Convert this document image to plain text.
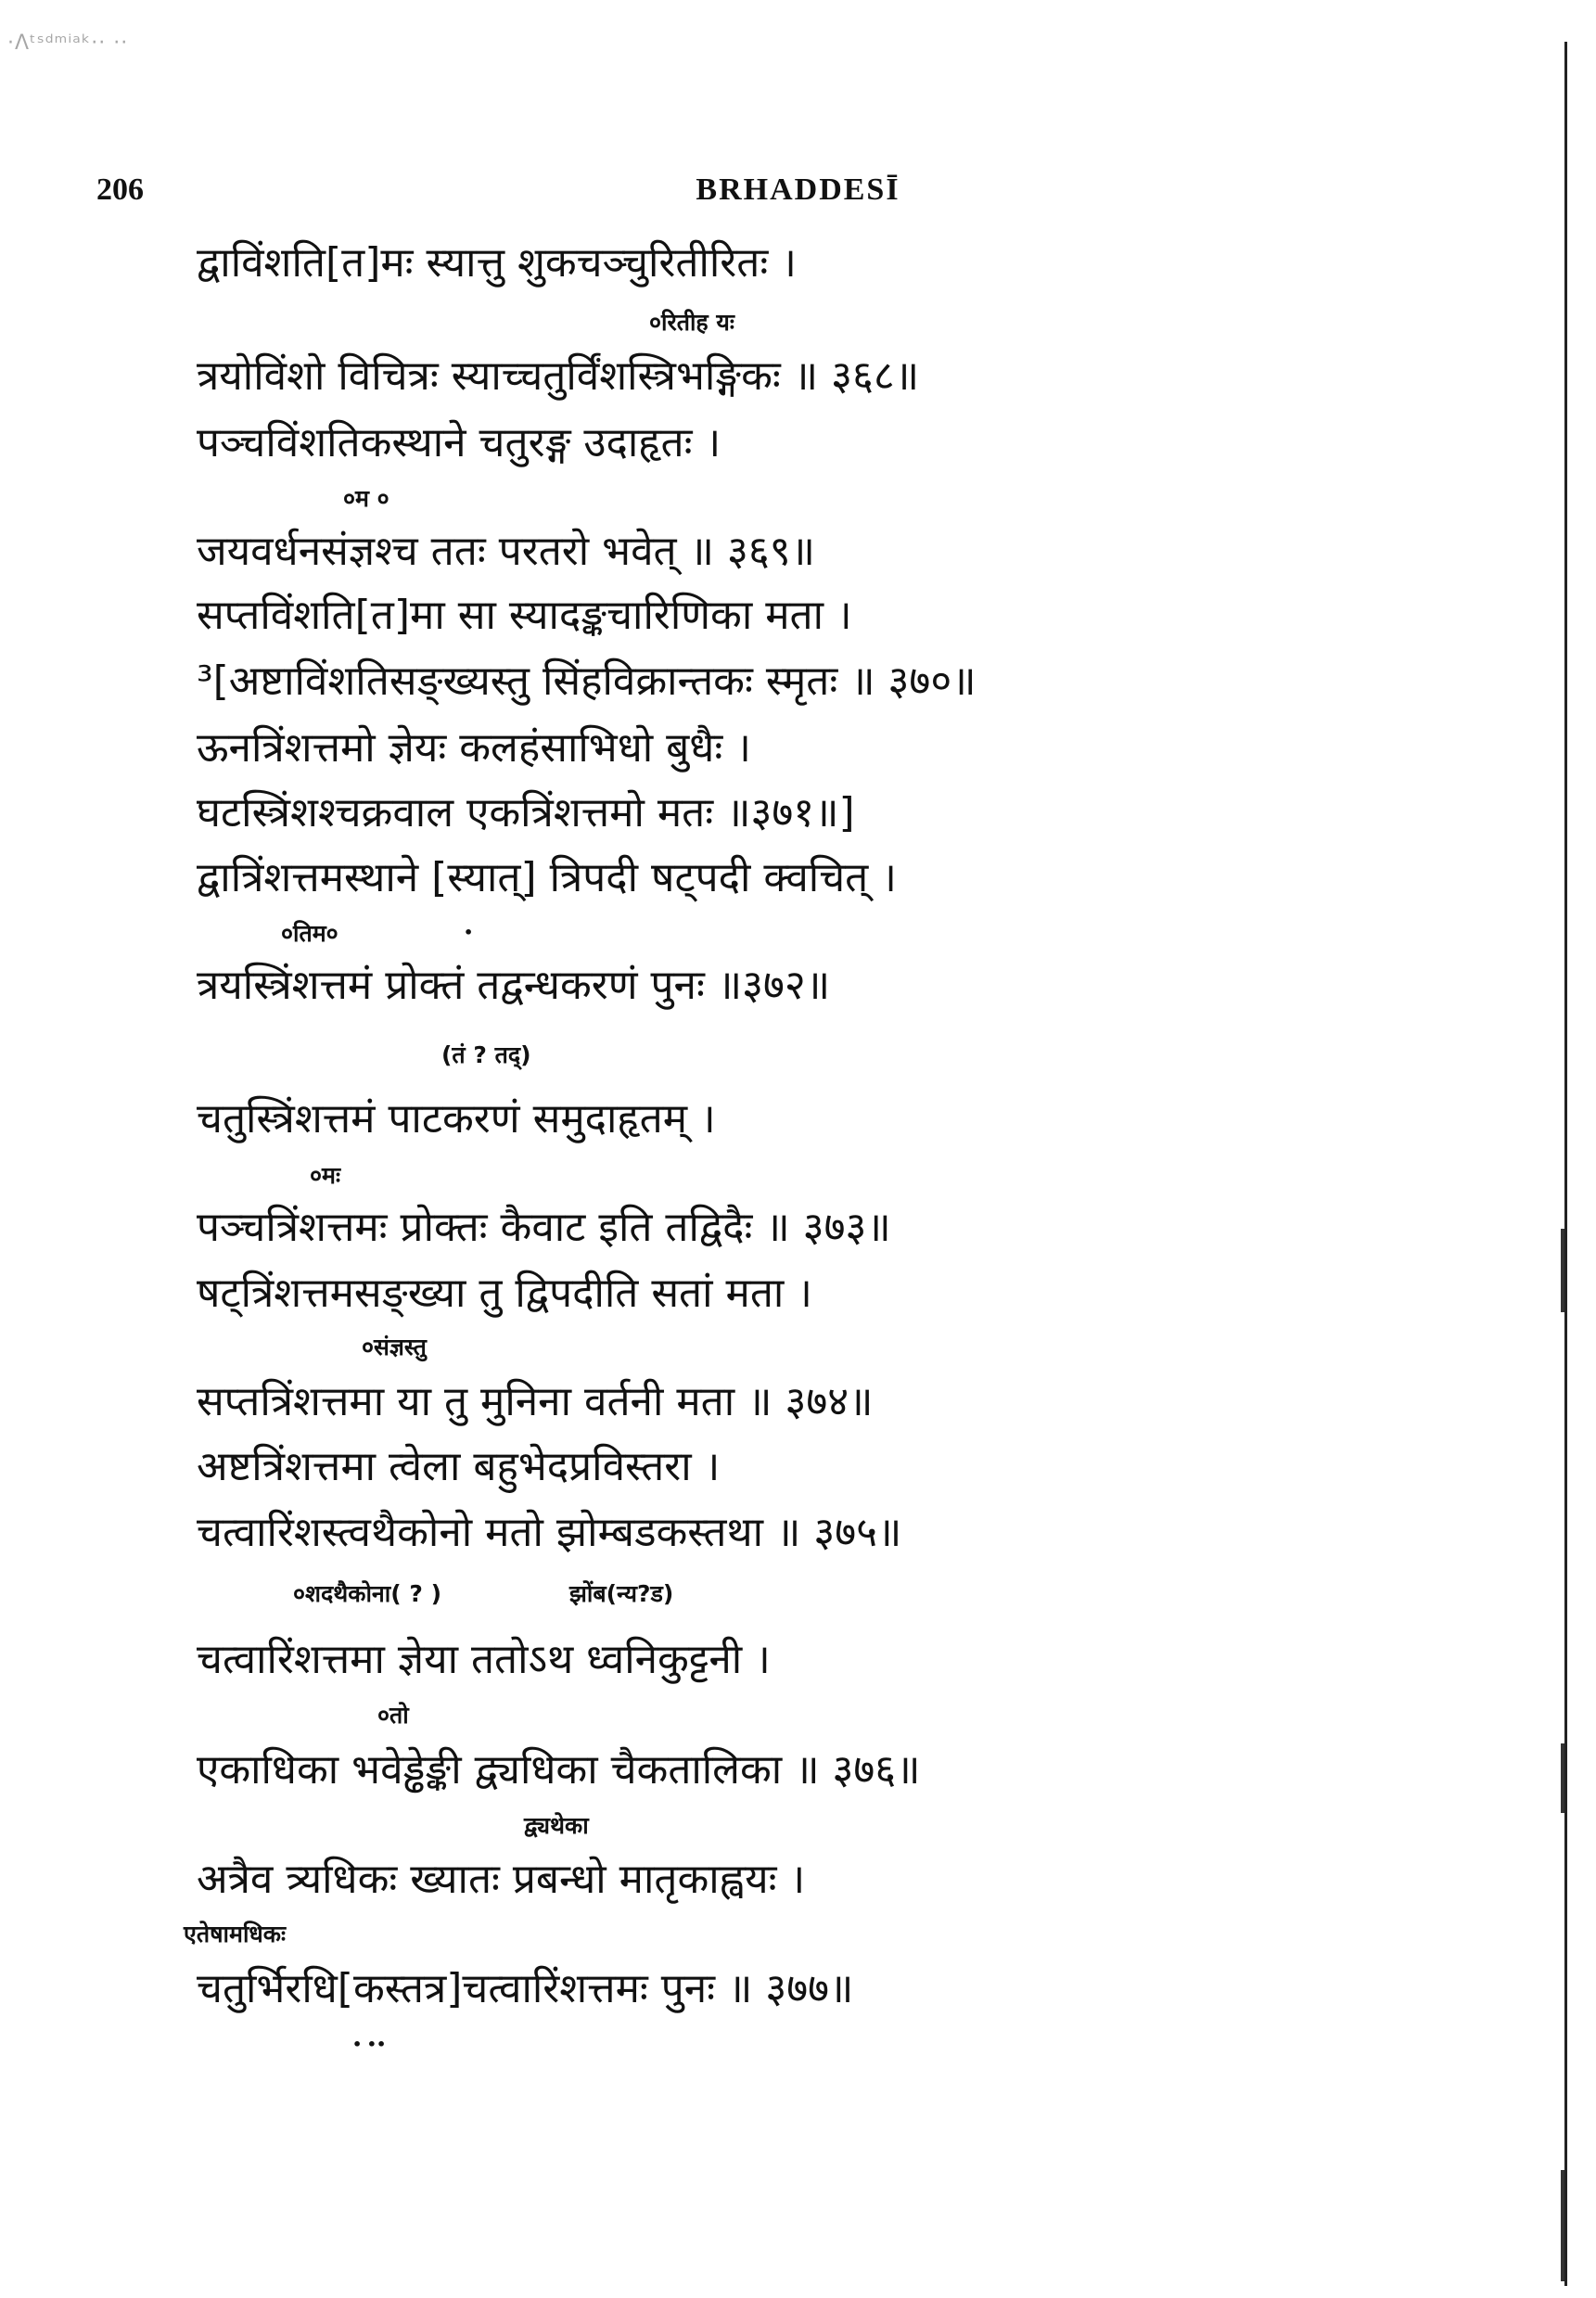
·Ʌᵗˢᵈᵐⁱᵃᵏ·· ··
206	BRHADDESĪ
द्वाविंशति[त]मः स्यात्तु शुकचञ्चुरितीरितः ।
०रितीह यः
त्रयोविंशो विचित्रः स्याच्चतुर्विंशस्त्रिभङ्गिकः ॥ ३६८॥
पञ्चविंशतिकस्थाने चतुरङ्ग उदाहृतः ।
०म ०
जयवर्धनसंज्ञश्च ततः परतरो भवेत् ॥ ३६९॥
सप्तविंशति[त]मा सा स्यादङ्कचारिणिका मता ।
³[अष्टाविंशतिसङ्ख्यस्तु सिंहविक्रान्तकः स्मृतः ॥ ३७०॥
ऊनत्रिंशत्तमो ज्ञेयः कलहंसाभिधो बुधैः ।
घटस्त्रिंशश्चक्रवाल एकत्रिंशत्तमो मतः ॥३७१॥]
द्वात्रिंशत्तमस्थाने [स्यात्] त्रिपदी षट्पदी क्वचित् ।
०तिम०	•
त्रयस्त्रिंशत्तमं प्रोक्तं तद्वन्धकरणं पुनः ॥३७२॥
(तं ? तद्)
चतुस्त्रिंशत्तमं पाटकरणं समुदाहृतम् ।
०मः
पञ्चत्रिंशत्तमः प्रोक्तः कैवाट इति तद्विदैः ॥ ३७३॥
षट्त्रिंशत्तमसङ्ख्या तु द्विपदीति सतां मता ।
०संज्ञस्तु
सप्तत्रिंशत्तमा या तु मुनिना वर्तनी मता ॥ ३७४॥
अष्टत्रिंशत्तमा त्वेला बहुभेदप्रविस्तरा ।
चत्वारिंशस्त्वथैकोनो मतो झोम्बडकस्तथा ॥ ३७५॥
०शदथैकोना( ? )	झोंब(न्य?ड)
चत्वारिंशत्तमा ज्ञेया ततोऽथ ध्वनिकुट्टनी ।
०तो
एकाधिका भवेड्ढेङ्की द्व्यधिका चैकतालिका ॥ ३७६॥
द्व्यथेका
अत्रैव त्र्यधिकः ख्यातः प्रबन्धो मातृकाह्वयः ।
एतेषामधिकः
चतुर्भिरधि[कस्तत्र]चत्वारिंशत्तमः पुनः ॥ ३७७॥
• ••
